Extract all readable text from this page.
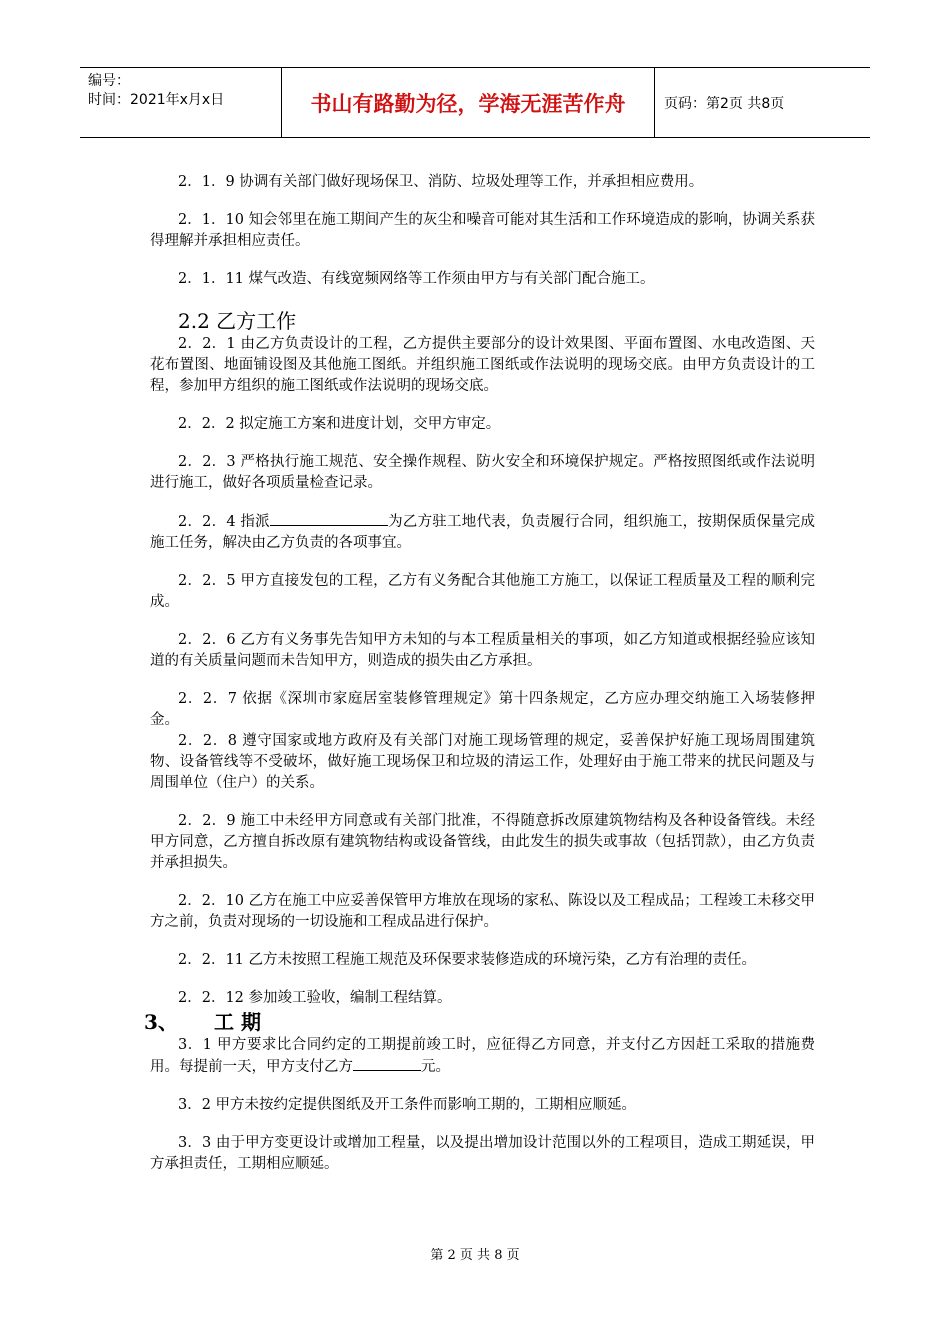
编号：
时间：2021年x月x日	书山有路勤为径，学海无涯苦作舟	页码：第2页 共8页

2．1．9 协调有关部门做好现场保卫、消防、垃圾处理等工作，并承担相应费用。

2．1．10 知会邻里在施工期间产生的灰尘和噪音可能对其生活和工作环境造成的影响，协调关系获得理解并承担相应责任。

2．1．11 煤气改造、有线宽频网络等工作须由甲方与有关部门配合施工。

2.2 乙方工作

2．2．1 由乙方负责设计的工程，乙方提供主要部分的设计效果图、平面布置图、水电改造图、天花布置图、地面铺设图及其他施工图纸。并组织施工图纸或作法说明的现场交底。由甲方负责设计的工程，参加甲方组织的施工图纸或作法说明的现场交底。

2．2．2 拟定施工方案和进度计划，交甲方审定。

2．2．3 严格执行施工规范、安全操作规程、防火安全和环境保护规定。严格按照图纸或作法说明进行施工，做好各项质量检查记录。

2．2．4 指派	为乙方驻工地代表，负责履行合同，组织施工，按期保质保量完成施工任务，解决由乙方负责的各项事宜。

2．2．5 甲方直接发包的工程，乙方有义务配合其他施工方施工，以保证工程质量及工程的顺利完成。

2．2．6 乙方有义务事先告知甲方未知的与本工程质量相关的事项，如乙方知道或根据经验应该知道的有关质量问题而未告知甲方，则造成的损失由乙方承担。

2．2．7 依据《深圳市家庭居室装修管理规定》第十四条规定，乙方应办理交纳施工入场装修押金。

2．2．8 遵守国家或地方政府及有关部门对施工现场管理的规定，妥善保护好施工现场周围建筑物、设备管线等不受破坏，做好施工现场保卫和垃圾的清运工作，处理好由于施工带来的扰民问题及与周围单位（住户）的关系。

2．2．9 施工中未经甲方同意或有关部门批准，不得随意拆改原建筑物结构及各种设备管线。未经甲方同意，乙方擅自拆改原有建筑物结构或设备管线，由此发生的损失或事故（包括罚款），由乙方负责并承担损失。

2．2．10 乙方在施工中应妥善保管甲方堆放在现场的家私、陈设以及工程成品；工程竣工未移交甲方之前，负责对现场的一切设施和工程成品进行保护。

2．2．11 乙方未按照工程施工规范及环保要求装修造成的环境污染，乙方有治理的责任。

2．2．12 参加竣工验收，编制工程结算。

3、 工 期

3．1 甲方要求比合同约定的工期提前竣工时，应征得乙方同意，并支付乙方因赶工采取的措施费用。每提前一天，甲方支付乙方	元。

3．2 甲方未按约定提供图纸及开工条件而影响工期的，工期相应顺延。

3．3 由于甲方变更设计或增加工程量，以及提出增加设计范围以外的工程项目，造成工期延误，甲方承担责任，工期相应顺延。

第 2 页 共 8 页
